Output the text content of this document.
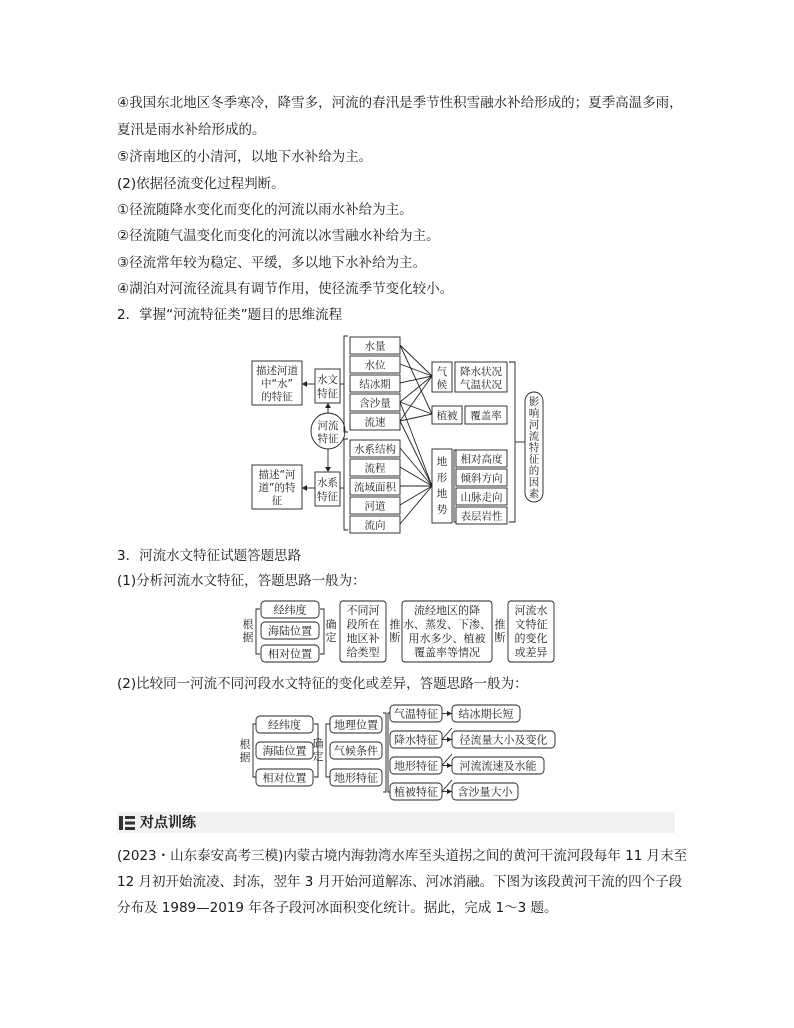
④我国东北地区冬季寒冷，降雪多，河流的春汛是季节性积雪融水补给形成的；夏季高温多雨，
夏汛是雨水补给形成的。
⑤济南地区的小清河，以地下水补给为主。
(2)依据径流变化过程判断。
①径流随降水变化而变化的河流以雨水补给为主。
②径流随气温变化而变化的河流以冰雪融水补给为主。
③径流常年较为稳定、平缓，多以地下水补给为主。
④湖泊对河流径流具有调节作用，使径流季节变化较小。
2．掌握“河流特征类”题目的思维流程
描述河道
中“水”
的特征
描述“河
道”的特
征
水文
特征
水系
特征
河流
特征
水量
水位
结冰期
含沙量
流速
水系结构
流程
流域面积
河道
流向
气
候
降水状况
气温状况
植被 覆盖率
地
形
地
势
相对高度
倾斜方向
山脉走向
表层岩性
影
响
河
流
特
征
的
因
素
3．河流水文特征试题答题思路
(1)分析河流水文特征，答题思路一般为：
根
据
经纬度
海陆位置
相对位置
确
定
不同河
段所在
地区补
给类型
推
断
流经地区的降
水、蒸发、下渗、
用水多少、植被
覆盖率等情况
推
断
河流水
文特征
的变化
或差异
(2)比较同一河流不同河段水文特征的变化或差异，答题思路一般为：
根
据
经纬度
海陆位置
相对位置
确
定
地理位置
气候条件
地形特征
气温特征
降水特征
地形特征
植被特征
结冰期长短
径流量大小及变化
河流流速及水能
含沙量大小
对点训练
(2023・山东泰安高考三模)内蒙古境内海勃湾水库至头道拐之间的黄河干流河段每年 11 月末至
12 月初开始流凌、封冻，翌年 3 月开始河道解冻、河冰消融。下图为该段黄河干流的四个子段
分布及 1989—2019 年各子段河冰面积变化统计。据此，完成 1～3 题。
